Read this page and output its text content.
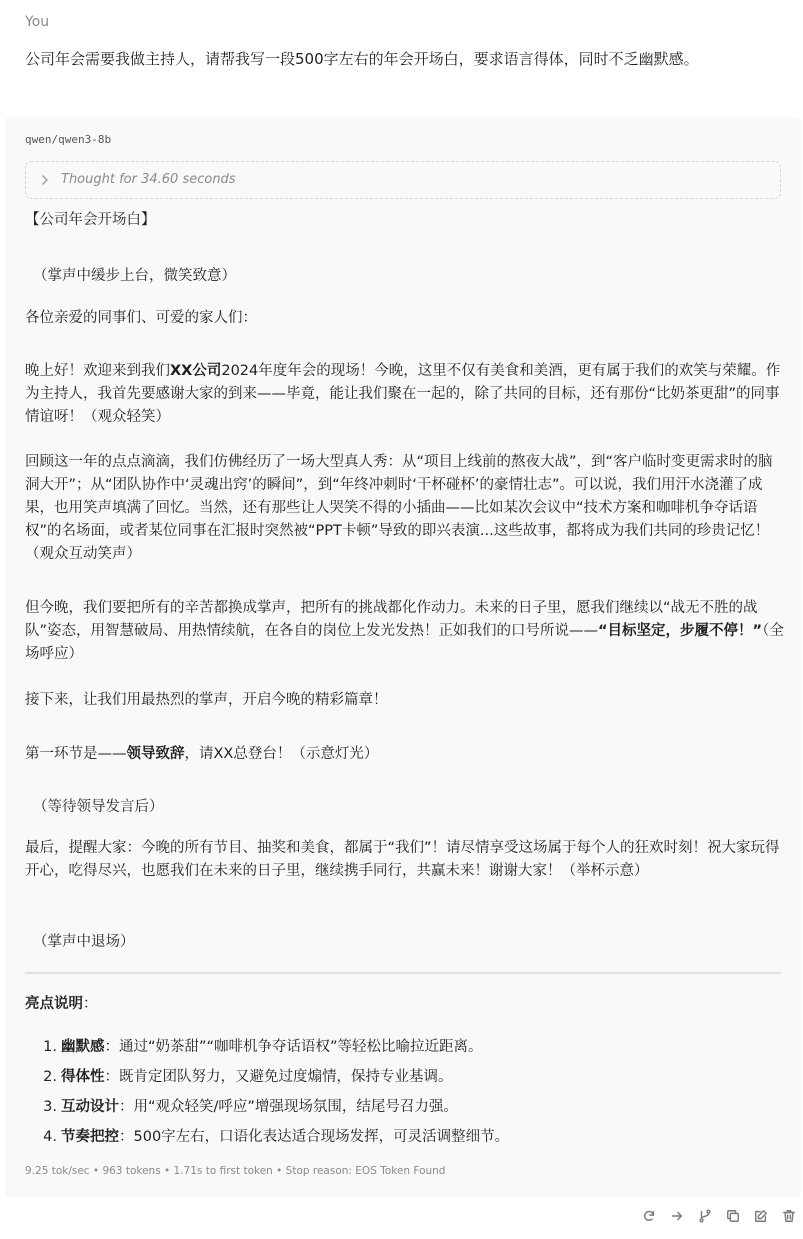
You
公司年会需要我做主持人，请帮我写一段500字左右的年会开场白，要求语言得体，同时不乏幽默感。
qwen/qwen3-8b
Thought for 34.60 seconds

【公司年会开场白】

（掌声中缓步上台，微笑致意）

各位亲爱的同事们、可爱的家人们：

晚上好！欢迎来到我们XX公司2024年度年会的现场！今晚，这里不仅有美食和美酒，更有属于我们的欢笑与荣耀。作为主持人，我首先要感谢大家的到来——毕竟，能让我们聚在一起的，除了共同的目标，还有那份“比奶茶更甜”的同事情谊呀！（观众轻笑）

回顾这一年的点点滴滴，我们仿佛经历了一场大型真人秀：从“项目上线前的熬夜大战”，到“客户临时变更需求时的脑洞大开”；从“团队协作中‘灵魂出窍’的瞬间”，到“年终冲刺时‘干杯碰杯’的豪情壮志”。可以说，我们用汗水浇灌了成果，也用笑声填满了回忆。当然，还有那些让人哭笑不得的小插曲——比如某次会议中“技术方案和咖啡机争夺话语权”的名场面，或者某位同事在汇报时突然被“PPT卡顿”导致的即兴表演...这些故事，都将成为我们共同的珍贵记忆！（观众互动笑声）

但今晚，我们要把所有的辛苦都换成掌声，把所有的挑战都化作动力。未来的日子里，愿我们继续以“战无不胜的战队”姿态，用智慧破局、用热情续航，在各自的岗位上发光发热！正如我们的口号所说——“目标坚定，步履不停！”（全场呼应）

接下来，让我们用最热烈的掌声，开启今晚的精彩篇章！

第一环节是——领导致辞，请XX总登台！（示意灯光）

（等待领导发言后）

最后，提醒大家：今晚的所有节目、抽奖和美食，都属于“我们”！请尽情享受这场属于每个人的狂欢时刻！祝大家玩得开心，吃得尽兴，也愿我们在未来的日子里，继续携手同行，共赢未来！谢谢大家！（举杯示意）

（掌声中退场）

亮点说明：

1. 幽默感：通过“奶茶甜”“咖啡机争夺话语权”等轻松比喻拉近距离。
2. 得体性：既肯定团队努力，又避免过度煽情，保持专业基调。
3. 互动设计：用“观众轻笑/呼应”增强现场氛围，结尾号召力强。
4. 节奏把控：500字左右，口语化表达适合现场发挥，可灵活调整细节。
9.25 tok/sec • 963 tokens • 1.71s to first token • Stop reason: EOS Token Found
